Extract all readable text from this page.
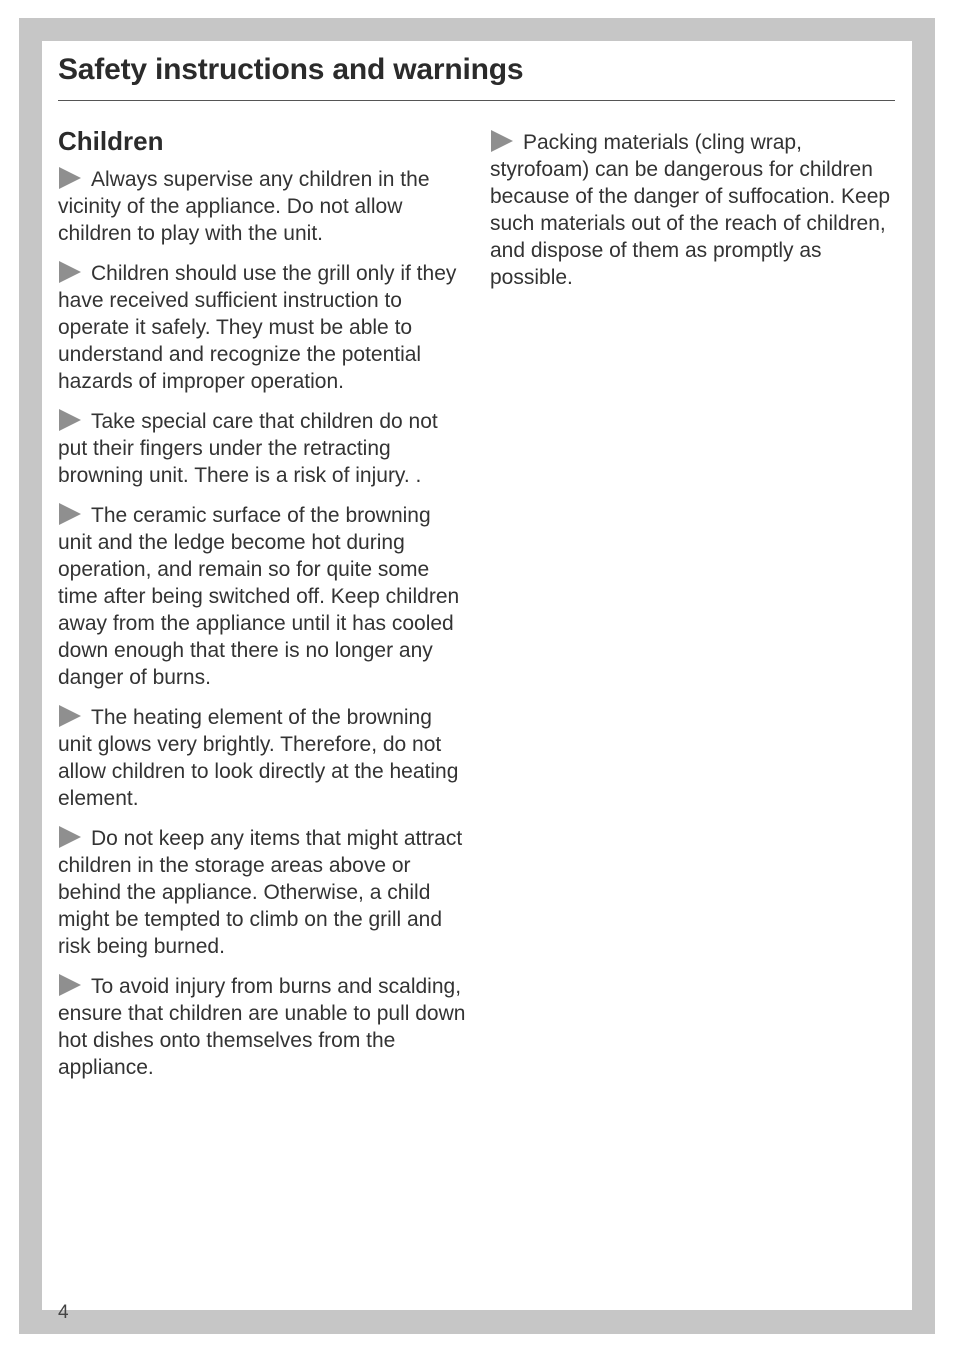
Safety instructions and warnings
Children

Always supervise any children in the vicinity of the appliance. Do not allow children to play with the unit.

Children should use the grill only if they have received sufficient instruction to operate it safely. They must be able to understand and recognize the potential hazards of improper operation.

Take special care that children do not put their fingers under the retracting browning unit. There is a risk of injury. .

The ceramic surface of the browning unit and the ledge become hot during operation, and remain so for quite some time after being switched off. Keep children away from the appliance until it has cooled down enough that there is no longer any danger of burns.

The heating element of the browning unit glows very brightly. Therefore, do not allow children to look directly at the heating element.

Do not keep any items that might attract children in the storage areas above or behind the appliance. Otherwise, a child might be tempted to climb on the grill and risk being burned.

To avoid injury from burns and scalding, ensure that children are unable to pull down hot dishes onto themselves from the appliance.

Packing materials (cling wrap, styrofoam) can be dangerous for children because of the danger of suffocation. Keep such materials out of the reach of children, and dispose of them as promptly as possible.

4
